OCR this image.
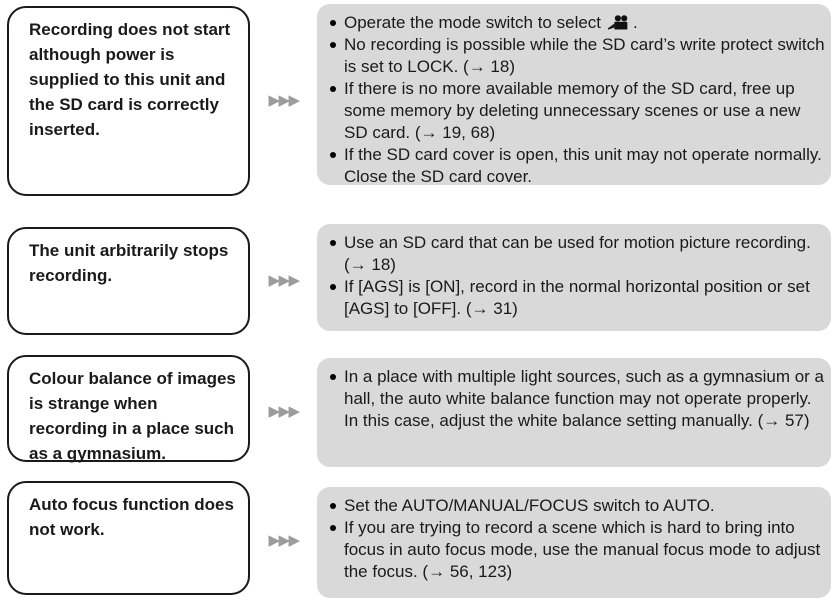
Recording does not start although power is supplied to this unit and the SD card is correctly inserted.
▶▶▶
Operate the mode switch to select .
No recording is possible while the SD card’s write protect switch is set to LOCK. (→ 18)
If there is no more available memory of the SD card, free up some memory by deleting unnecessary scenes or use a new SD card. (→ 19, 68)
If the SD card cover is open, this unit may not operate normally. Close the SD card cover.
The unit arbitrarily stops recording.	▶▶▶
Use an SD card that can be used for motion picture recording. (→ 18)
If [AGS] is [ON], record in the normal horizontal position or set [AGS] to [OFF]. (→ 31)
Colour balance of images is strange when recording in a place such as a gymnasium.
▶▶▶
In a place with multiple light sources, such as a gymnasium or a hall, the auto white balance function may not operate properly. In this case, adjust the white balance setting manually. (→ 57)
Auto focus function does not work.
▶▶▶
Set the AUTO/MANUAL/FOCUS switch to AUTO.
If you are trying to record a scene which is hard to bring into focus in auto focus mode, use the manual focus mode to adjust the focus. (→ 56, 123)
